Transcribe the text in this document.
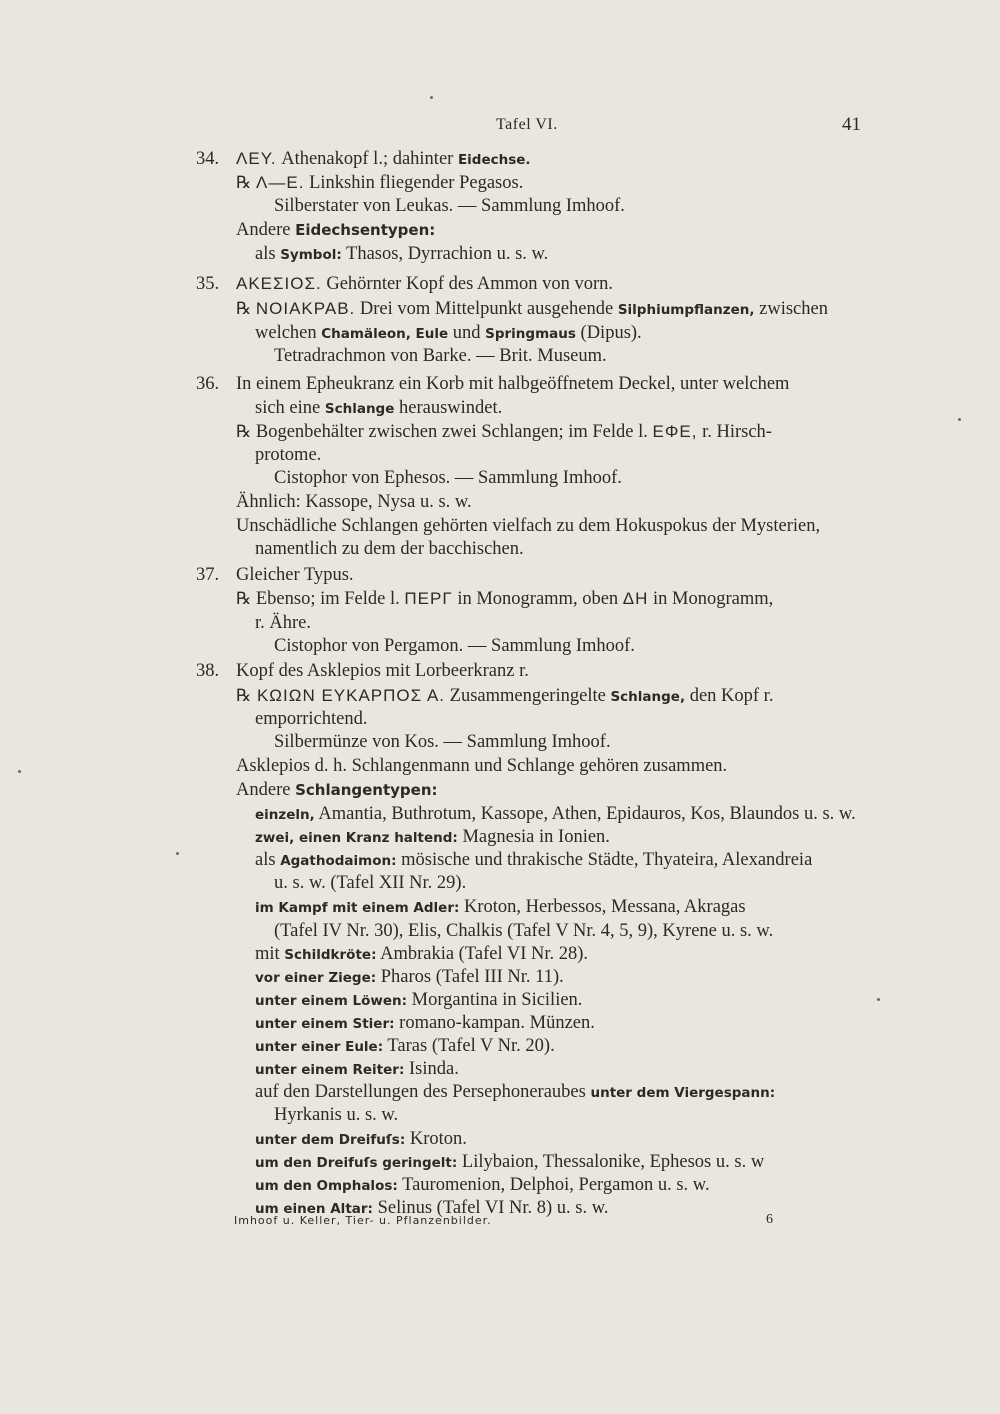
Tafel VI.	41
34. ΛΕΥ. Athenakopf l.; dahinter Eidechse.
℞ Λ—Ε. Linkshin fliegender Pegasos.
Silberstater von Leukas. — Sammlung Imhoof.
Andere Eidechsentypen:
als Symbol: Thasos, Dyrrachion u. s. w.
35. ΑΚΕΣΙΟΣ. Gehörnter Kopf des Ammon von vorn.
℞ ΝΟΙΑΚΡΑΒ. Drei vom Mittelpunkt ausgehende Silphiumpflanzen, zwischen
welchen Chamäleon, Eule und Springmaus (Dipus).
Tetradrachmon von Barke. — Brit. Museum.
36. In einem Epheukranz ein Korb mit halbgeöffnetem Deckel, unter welchem
sich eine Schlange herauswindet.
℞ Bogenbehälter zwischen zwei Schlangen; im Felde l. ΕΦΕ, r. Hirsch-
protome.
Cistophor von Ephesos. — Sammlung Imhoof.
Ähnlich: Kassope, Nysa u. s. w.
Unschädliche Schlangen gehörten vielfach zu dem Hokuspokus der Mysterien,
namentlich zu dem der bacchischen.
37. Gleicher Typus.
℞ Ebenso; im Felde l. ΠΕΡΓ in Monogramm, oben ΔΗ in Monogramm,
r. Ähre.
Cistophor von Pergamon. — Sammlung Imhoof.
38. Kopf des Asklepios mit Lorbeerkranz r.
℞ ΚΩΙΩΝ ΕΥΚΑΡΠΟΣ Α. Zusammengeringelte Schlange, den Kopf r.
emporrichtend.
Silbermünze von Kos. — Sammlung Imhoof.
Asklepios d. h. Schlangenmann und Schlange gehören zusammen.
Andere Schlangentypen:
einzeln, Amantia, Buthrotum, Kassope, Athen, Epidauros, Kos, Blaundos u. s. w.
zwei, einen Kranz haltend: Magnesia in Ionien.
als Agathodaimon: mösische und thrakische Städte, Thyateira, Alexandreia
u. s. w. (Tafel XII Nr. 29).
im Kampf mit einem Adler: Kroton, Herbessos, Messana, Akragas
(Tafel IV Nr. 30), Elis, Chalkis (Tafel V Nr. 4, 5, 9), Kyrene u. s. w.
mit Schildkröte: Ambrakia (Tafel VI Nr. 28).
vor einer Ziege: Pharos (Tafel III Nr. 11).
unter einem Löwen: Morgantina in Sicilien.
unter einem Stier: romano-kampan. Münzen.
unter einer Eule: Taras (Tafel V Nr. 20).
unter einem Reiter: Isinda.
auf den Darstellungen des Persephoneraubes unter dem Viergespann:
Hyrkanis u. s. w.
unter dem Dreifuſs: Kroton.
um den Dreifuſs geringelt: Lilybaion, Thessalonike, Ephesos u. s. w
um den Omphalos: Tauromenion, Delphoi, Pergamon u. s. w.
um einen Altar: Selinus (Tafel VI Nr. 8) u. s. w.
Imhoof u. Keller, Tier- u. Pflanzenbilder.	6
